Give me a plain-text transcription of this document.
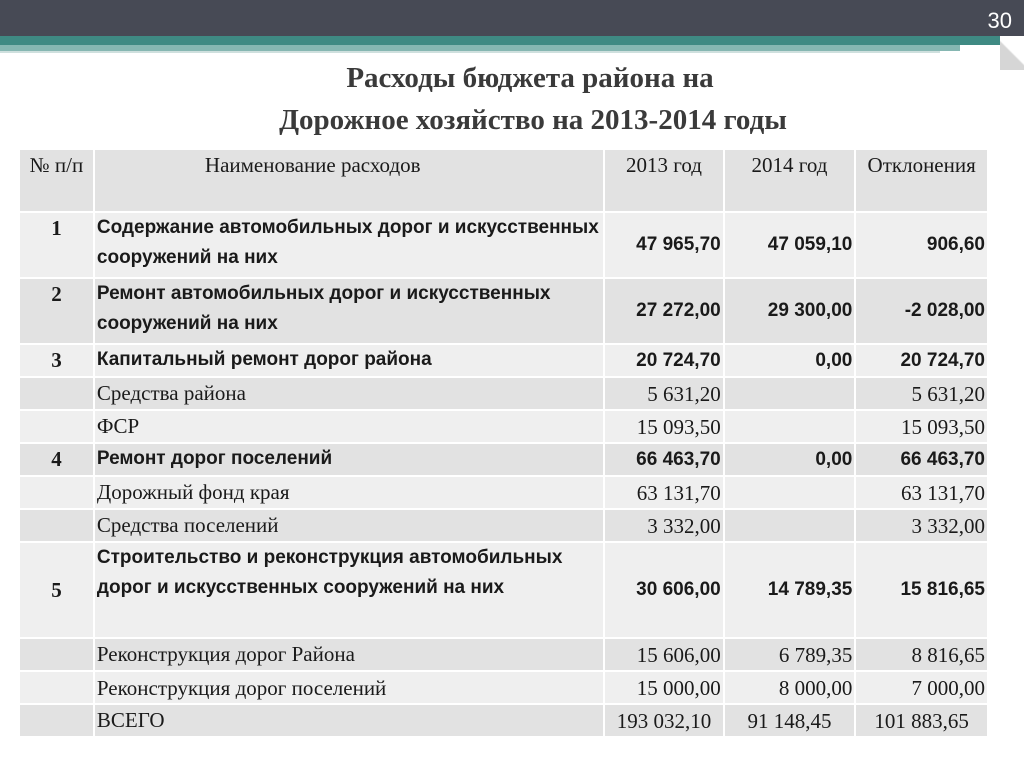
30
Расходы бюджета района на
Дорожное хозяйство на 2013-2014 годы
№ п/п	Наименование расходов	2013 год	2014 год	Отклонения
1	Содержание автомобильных дорог и искусственных сооружений на них	47 965,70	47 059,10	906,60
2	Ремонт автомобильных дорог и искусственных сооружений на них	27 272,00	29 300,00	-2 028,00
3	Капитальный ремонт дорог района	20 724,70	0,00	20 724,70
	Средства района	5 631,20		5 631,20
	ФСР	15 093,50		15 093,50
4	Ремонт дорог поселений	66 463,70	0,00	66 463,70
	Дорожный фонд края	63 131,70		63 131,70
	Средства поселений	3 332,00		3 332,00
5	Строительство и реконструкция автомобильных дорог и искусственных сооружений на них	30 606,00	14 789,35	15 816,65
	Реконструкция дорог Района	15 606,00	6 789,35	8 816,65
	Реконструкция дорог поселений	15 000,00	8 000,00	7 000,00
	ВСЕГО	193 032,10	91 148,45	101 883,65
